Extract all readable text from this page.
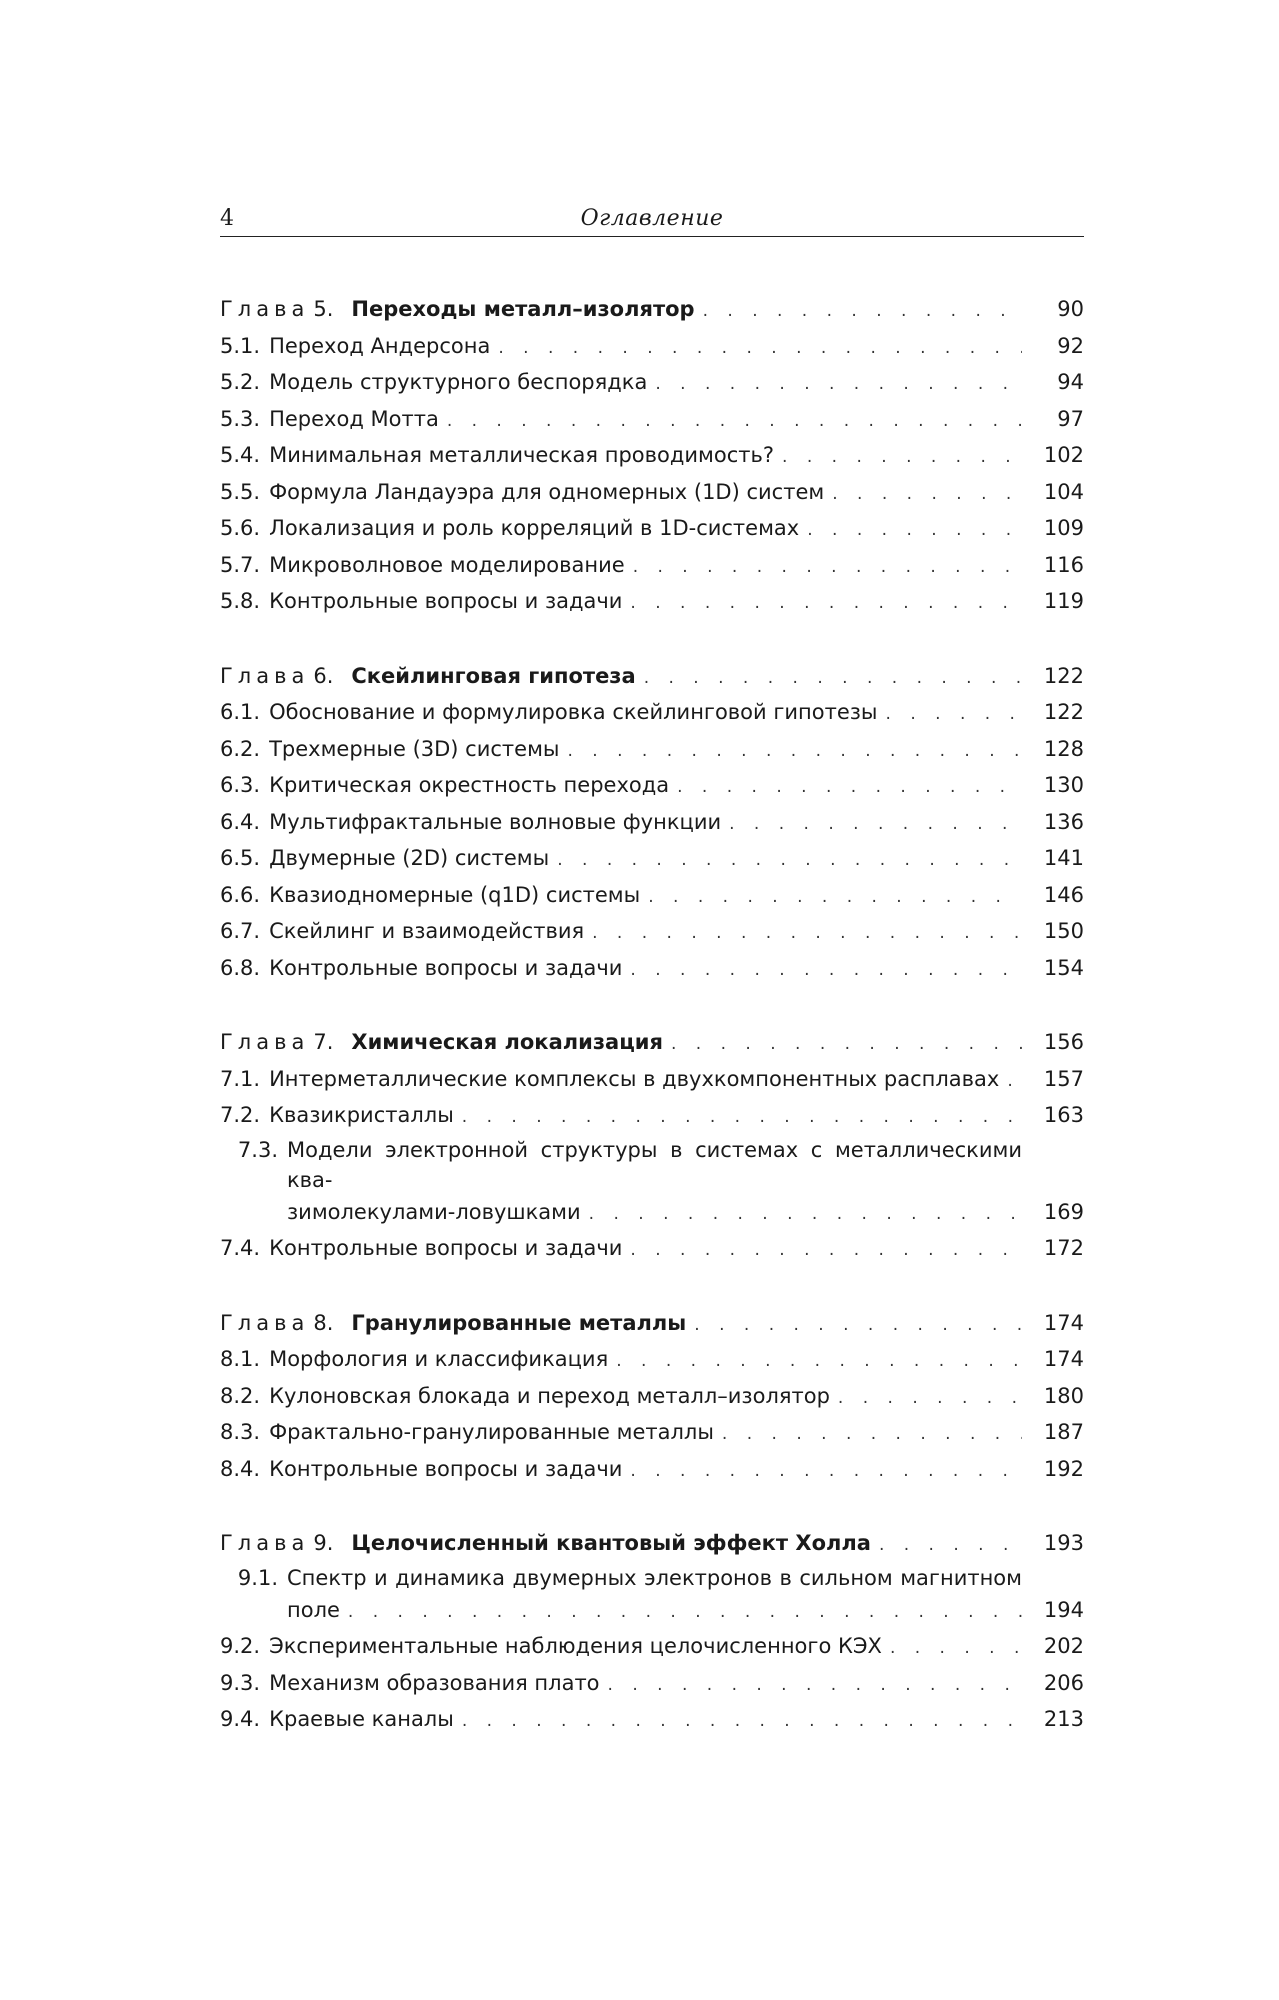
4	Оглавление
Глава 5. Переходы металл–изолятор . . .	90
5.1. Переход Андерсона . . .	92
5.2. Модель структурного беспорядка . . .	94
5.3. Переход Мотта . . .	97
5.4. Минимальная металлическая проводимость? . . .	102
5.5. Формула Ландауэра для одномерных (1D) систем . . .	104
5.6. Локализация и роль корреляций в 1D-системах . . .	109
5.7. Микроволновое моделирование . . .	116
5.8. Контрольные вопросы и задачи . . .	119
Глава 6. Скейлинговая гипотеза . . .	122
6.1. Обоснование и формулировка скейлинговой гипотезы . . .	122
6.2. Трехмерные (3D) системы . . .	128
6.3. Критическая окрестность перехода . . .	130
6.4. Мультифрактальные волновые функции . . .	136
6.5. Двумерные (2D) системы . . .	141
6.6. Квазиодномерные (q1D) системы . . .	146
6.7. Скейлинг и взаимодействия . . .	150
6.8. Контрольные вопросы и задачи . . .	154
Глава 7. Химическая локализация . . .	156
7.1. Интерметаллические комплексы в двухкомпонентных расплавах . . .	157
7.2. Квазикристаллы . . .	163
7.3. Модели электронной структуры в системах с металлическими ква-
зимолекулами-ловушками . . .	169
7.4. Контрольные вопросы и задачи . . .	172
Глава 8. Гранулированные металлы . . .	174
8.1. Морфология и классификация . . .	174
8.2. Кулоновская блокада и переход металл–изолятор . . .	180
8.3. Фрактально-гранулированные металлы . . .	187
8.4. Контрольные вопросы и задачи . . .	192
Глава 9. Целочисленный квантовый эффект Холла . . .	193
9.1. Спектр и динамика двумерных электронов в сильном магнитном
поле . . .	194
9.2. Экспериментальные наблюдения целочисленного КЭХ . . .	202
9.3. Механизм образования плато . . .	206
9.4. Краевые каналы . . .	213
